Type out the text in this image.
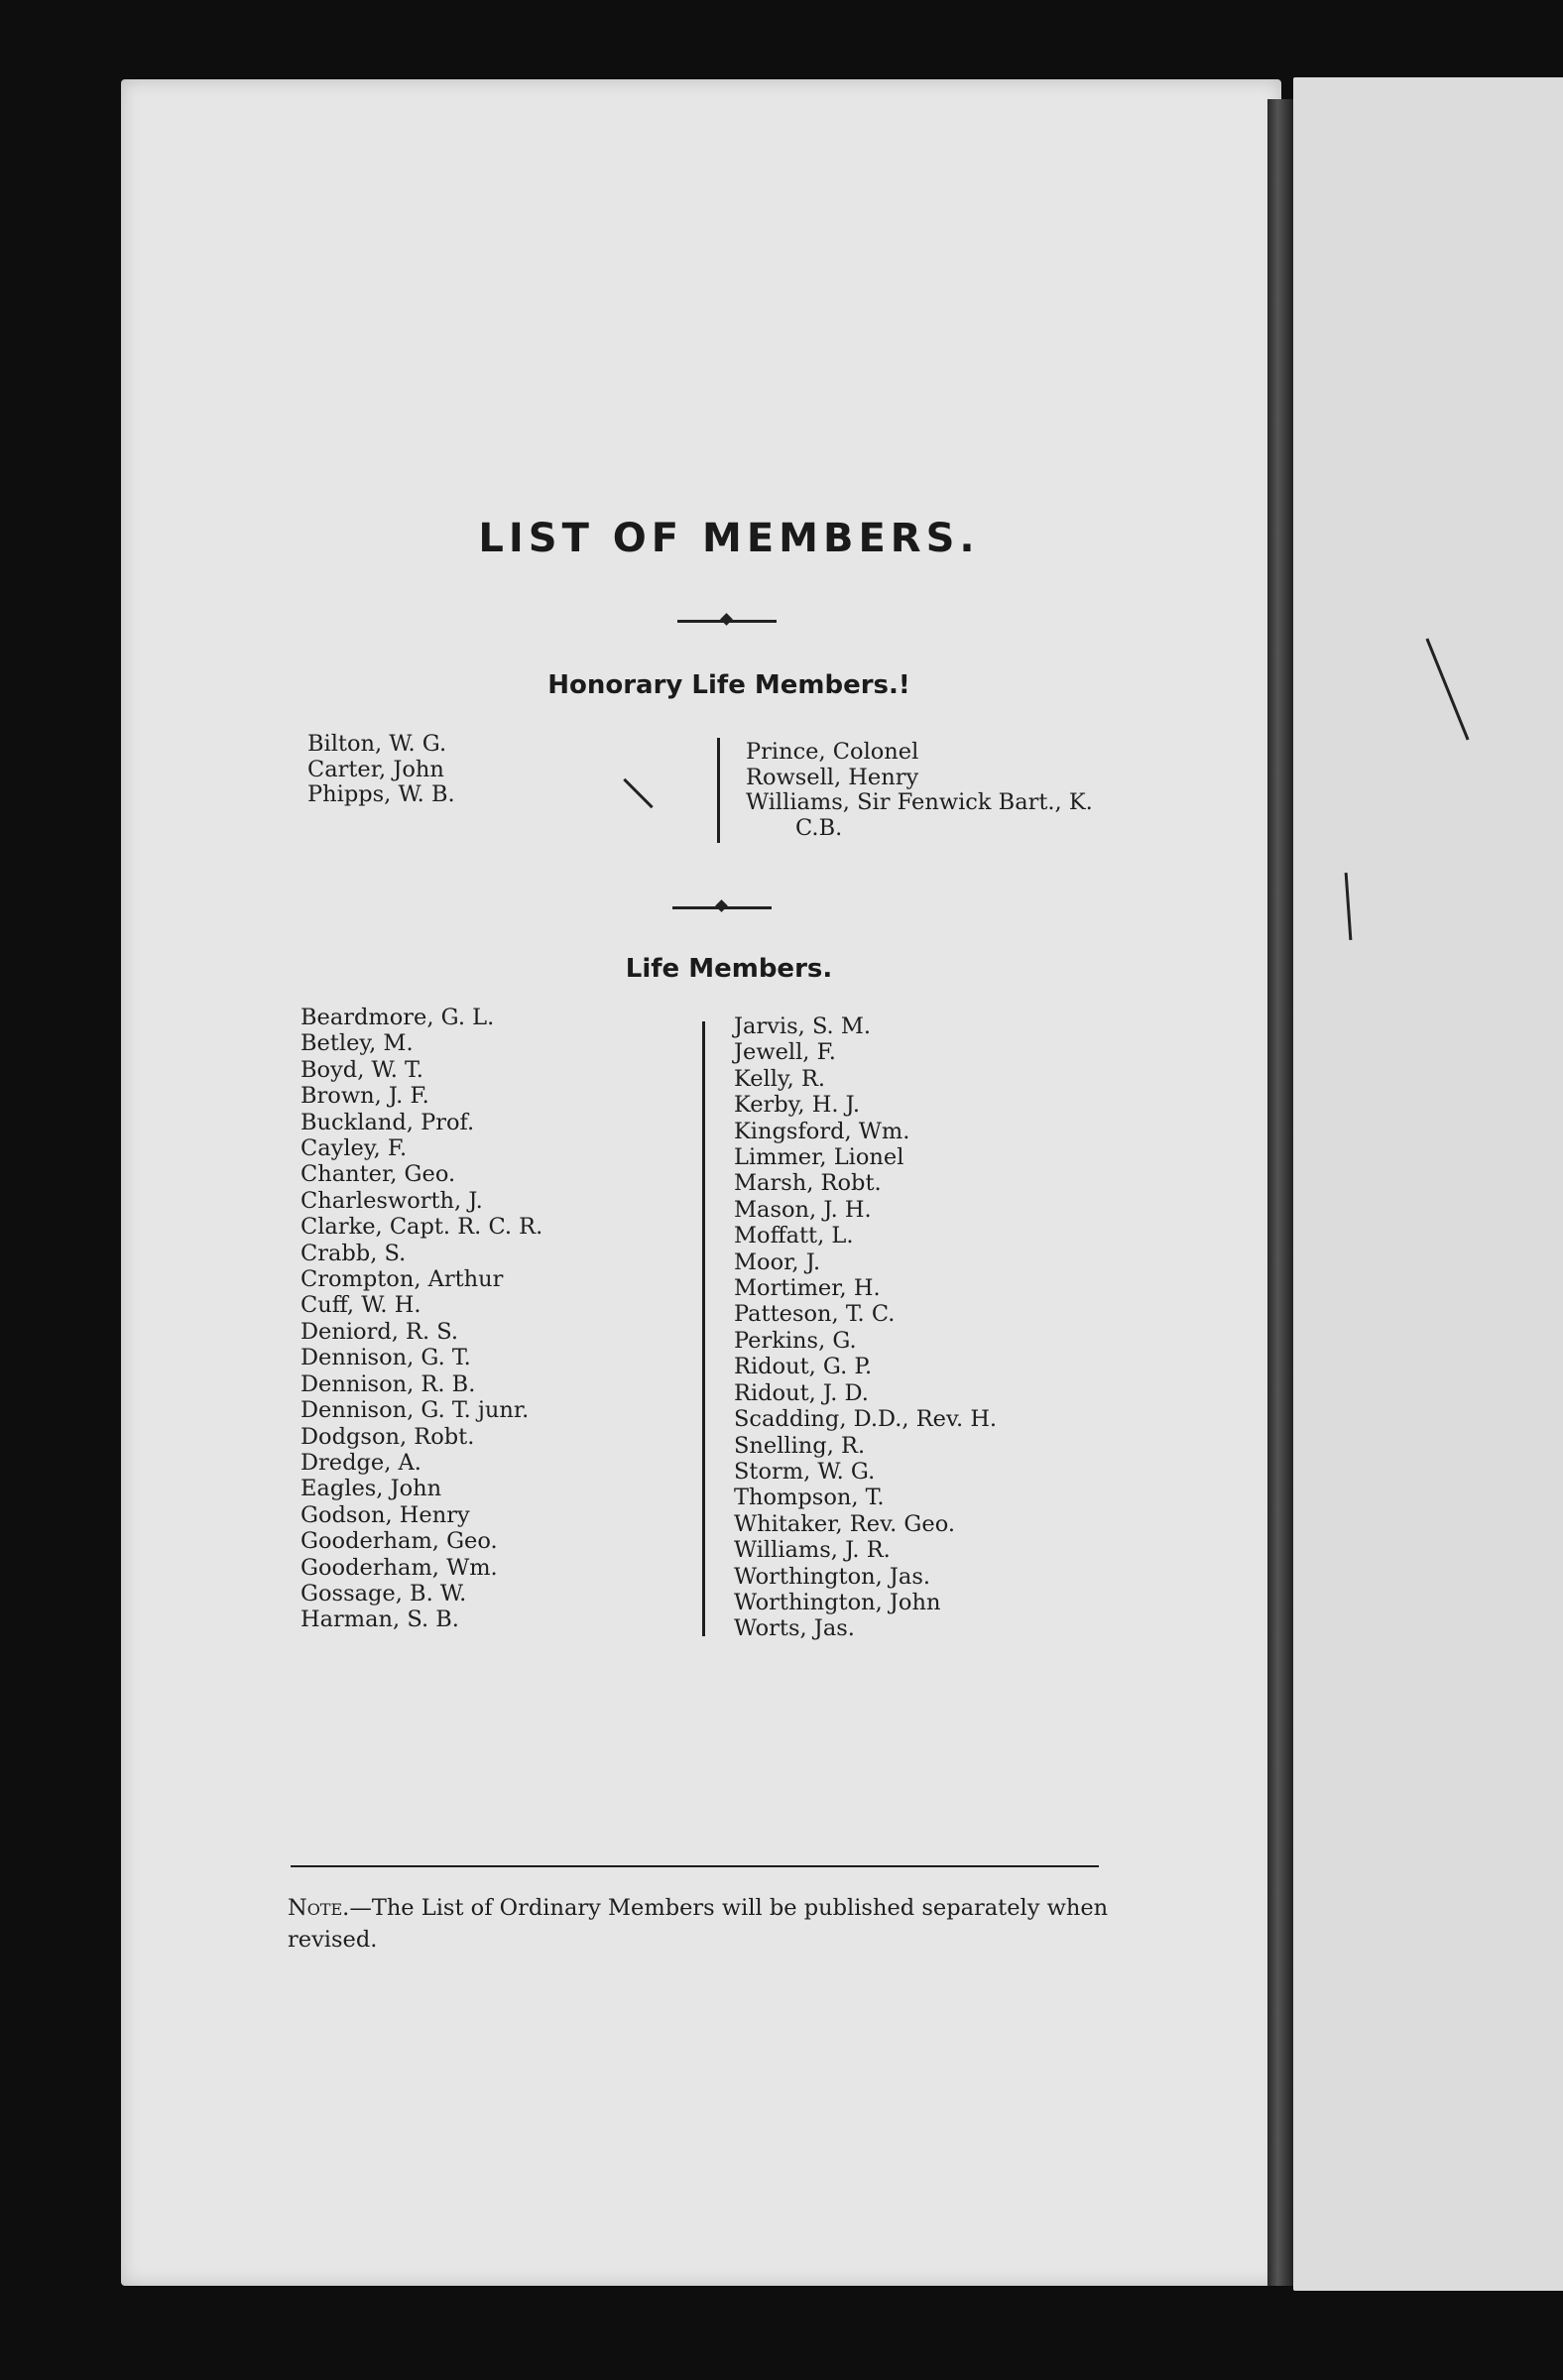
LIST OF MEMBERS.
Honorary Life Members.!
Bilton, W. G.
Carter, John
Phipps, W. B.
Prince, Colonel
Rowsell, Henry
Williams, Sir Fenwick Bart., K.
C.B.
Life Members.
Beardmore, G. L.
Betley, M.
Boyd, W. T.
Brown, J. F.
Buckland, Prof.
Cayley, F.
Chanter, Geo.
Charlesworth, J.
Clarke, Capt. R. C. R.
Crabb, S.
Crompton, Arthur
Cuff, W. H.
Deniord, R. S.
Dennison, G. T.
Dennison, R. B.
Dennison, G. T. junr.
Dodgson, Robt.
Dredge, A.
Eagles, John
Godson, Henry
Gooderham, Geo.
Gooderham, Wm.
Gossage, B. W.
Harman, S. B.
Jarvis, S. M.
Jewell, F.
Kelly, R.
Kerby, H. J.
Kingsford, Wm.
Limmer, Lionel
Marsh, Robt.
Mason, J. H.
Moffatt, L.
Moor, J.
Mortimer, H.
Patteson, T. C.
Perkins, G.
Ridout, G. P.
Ridout, J. D.
Scadding, D.D., Rev. H.
Snelling, R.
Storm, W. G.
Thompson, T.
Whitaker, Rev. Geo.
Williams, J. R.
Worthington, Jas.
Worthington, John
Worts, Jas.
Note.—The List of Ordinary Members will be published separately when revised.
